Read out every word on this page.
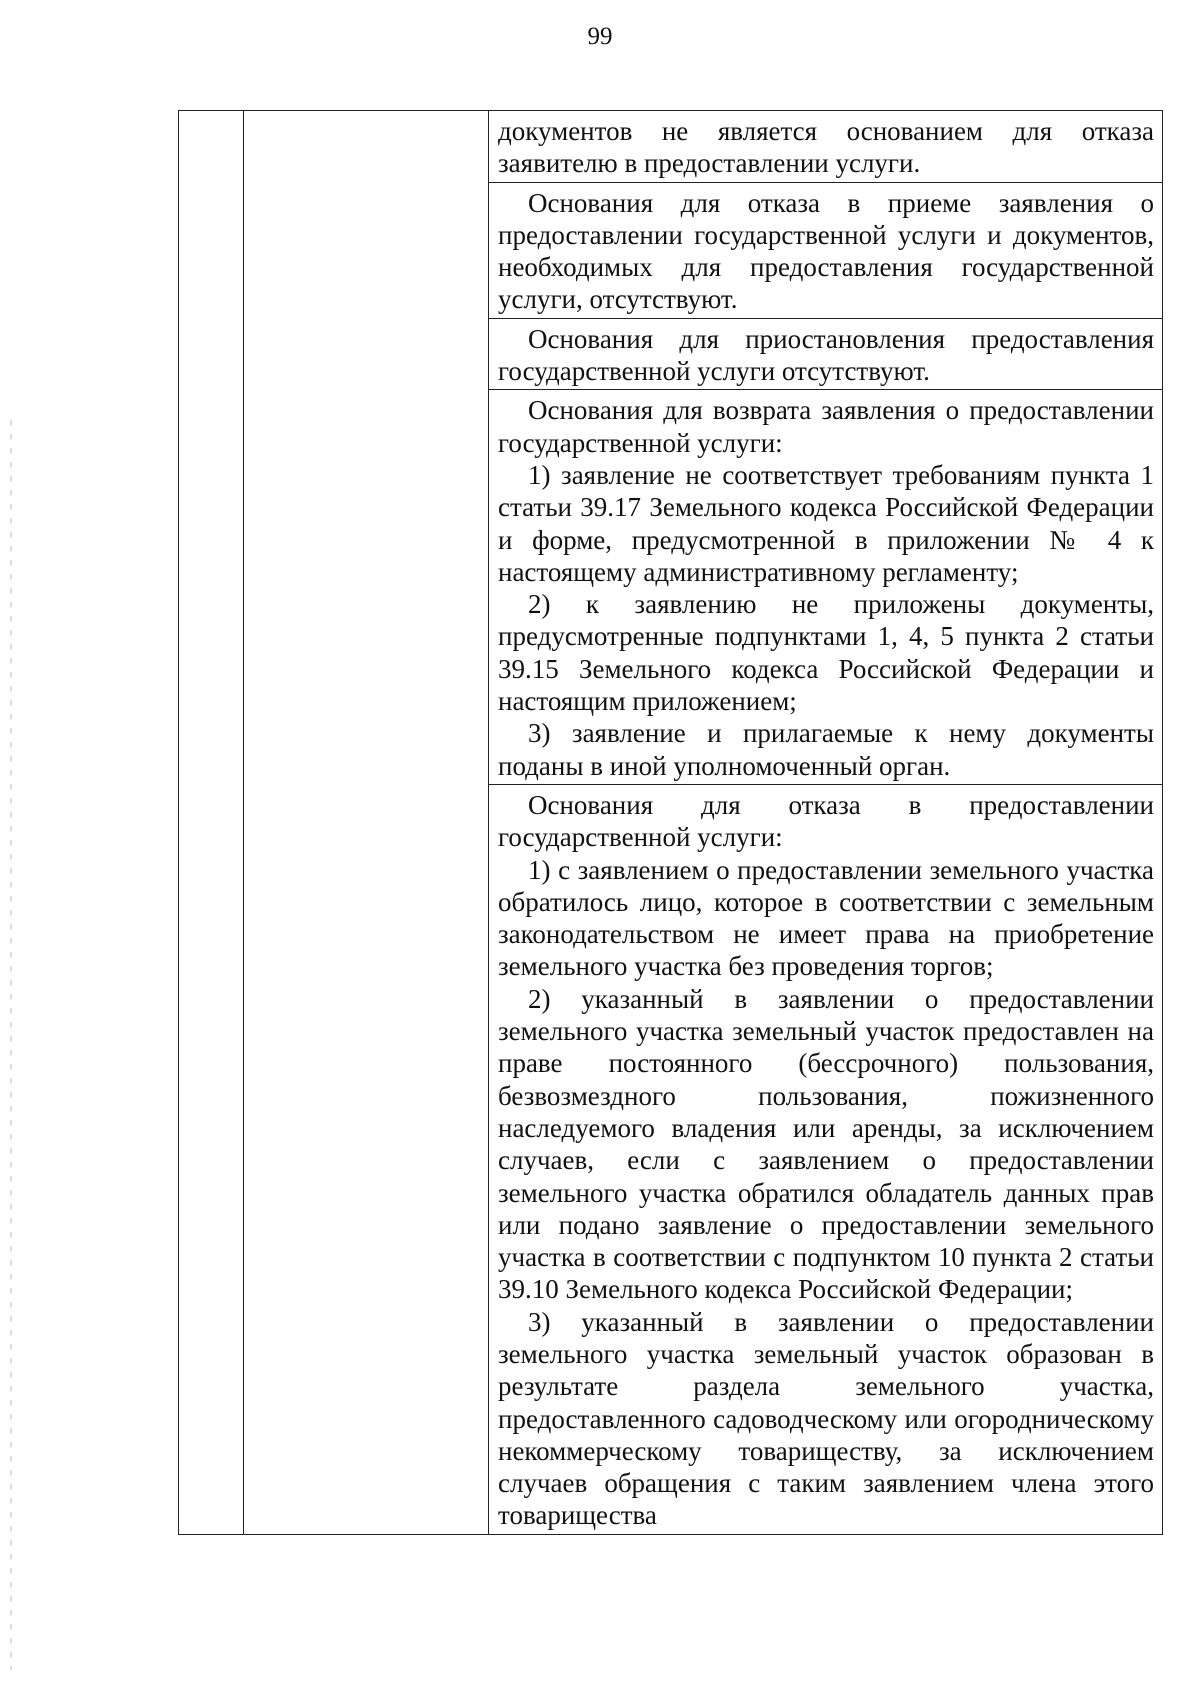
99

документов не является основанием для отказа заявителю в предоставлении услуги.

Основания для отказа в приеме заявления о предоставлении государственной услуги и документов, необходимых для предоставления государственной услуги, отсутствуют.

Основания для приостановления предоставления государственной услуги отсутствуют.

Основания для возврата заявления о предоставлении государственной услуги:

1) заявление не соответствует требованиям пункта 1 статьи 39.17 Земельного кодекса Российской Федерации и форме, предусмотренной в приложении № 4 к настоящему административному регламенту;

2) к заявлению не приложены документы, предусмотренные подпунктами 1, 4, 5 пункта 2 статьи 39.15 Земельного кодекса Российской Федерации и настоящим приложением;

3) заявление и прилагаемые к нему документы поданы в иной уполномоченный орган.

Основания для отказа в предоставлении государственной услуги:

1) с заявлением о предоставлении земельного участка обратилось лицо, которое в соответствии с земельным законодательством не имеет права на приобретение земельного участка без проведения торгов;

2) указанный в заявлении о предоставлении земельного участка земельный участок предоставлен на праве постоянного (бессрочного) пользования, безвозмездного пользования, пожизненного наследуемого владения или аренды, за исключением случаев, если с заявлением о предоставлении земельного участка обратился обладатель данных прав или подано заявление о предоставлении земельного участка в соответствии с подпунктом 10 пункта 2 статьи 39.10 Земельного кодекса Российской Федерации;

3) указанный в заявлении о предоставлении земельного участка земельный участок образован в результате раздела земельного участка, предоставленного садоводческому или огородническому некоммерческому товариществу, за исключением случаев обращения с таким заявлением члена этого товарищества
